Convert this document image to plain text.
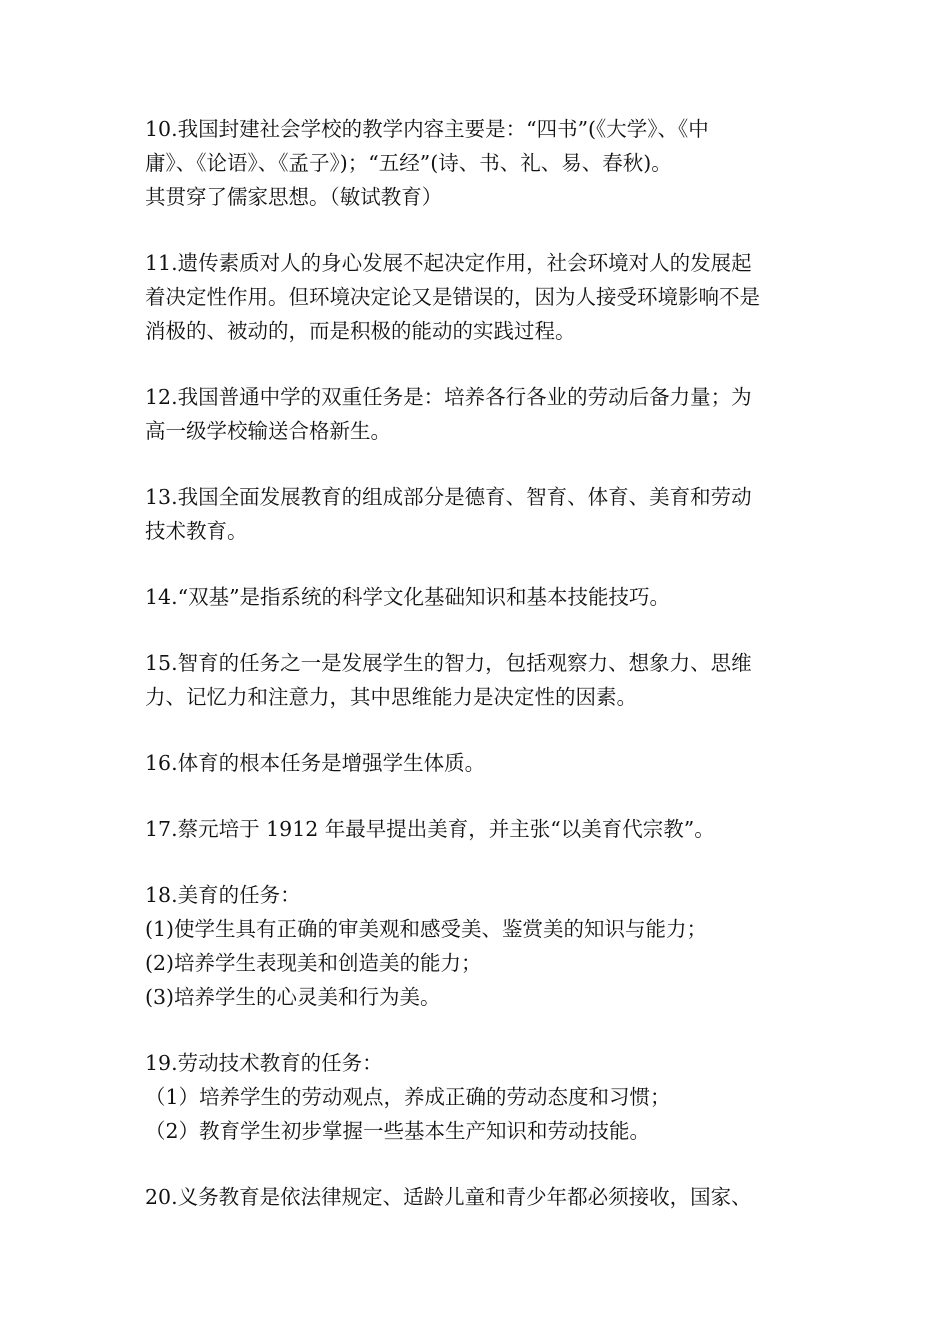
10.我国封建社会学校的教学内容主要是：“四书”(《大学》、《中
庸》、《论语》、《孟子》)；“五经”(诗、书、礼、易、春秋)。
其贯穿了儒家思想。（敏试教育）
11.遗传素质对人的身心发展不起决定作用，社会环境对人的发展起
着决定性作用。但环境决定论又是错误的，因为人接受环境影响不是
消极的、被动的，而是积极的能动的实践过程。
12.我国普通中学的双重任务是：培养各行各业的劳动后备力量；为
高一级学校输送合格新生。
13.我国全面发展教育的组成部分是德育、智育、体育、美育和劳动
技术教育。
14.“双基”是指系统的科学文化基础知识和基本技能技巧。
15.智育的任务之一是发展学生的智力，包括观察力、想象力、思维
力、记忆力和注意力，其中思维能力是决定性的因素。
16.体育的根本任务是增强学生体质。
17.蔡元培于 1912 年最早提出美育，并主张“以美育代宗教”。
18.美育的任务：
(1)使学生具有正确的审美观和感受美、鉴赏美的知识与能力；
(2)培养学生表现美和创造美的能力；
(3)培养学生的心灵美和行为美。
19.劳动技术教育的任务：
（1）培养学生的劳动观点，养成正确的劳动态度和习惯；
（2）教育学生初步掌握一些基本生产知识和劳动技能。
20.义务教育是依法律规定、适龄儿童和青少年都必须接收，国家、
